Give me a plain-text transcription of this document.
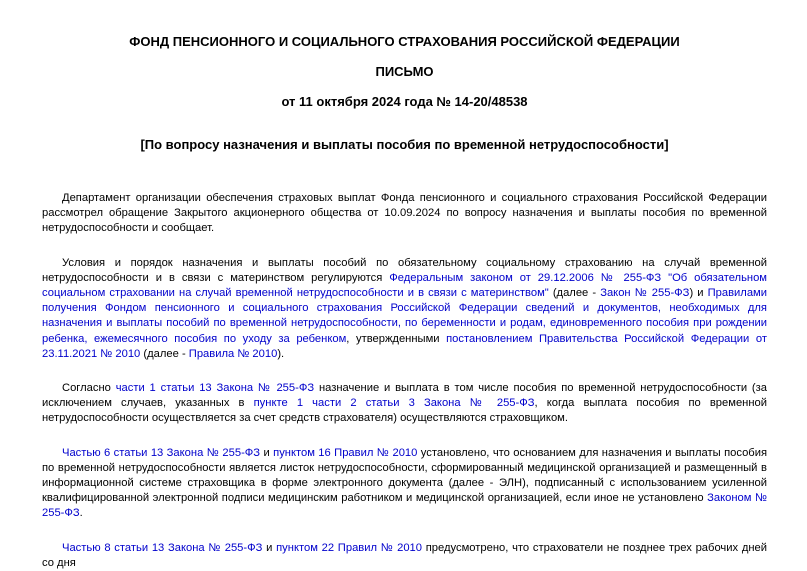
ФОНД ПЕНСИОННОГО И СОЦИАЛЬНОГО СТРАХОВАНИЯ РОССИЙСКОЙ ФЕДЕРАЦИИ

ПИСЬМО

от 11 октября 2024 года № 14-20/48538

[По вопросу назначения и выплаты пособия по временной нетрудоспособности]

Департамент организации обеспечения страховых выплат Фонда пенсионного и социального страхования Российской Федерации рассмотрел обращение Закрытого акционерного общества от 10.09.2024 по вопросу назначения и выплаты пособия по временной нетрудоспособности и сообщает.

Условия и порядок назначения и выплаты пособий по обязательному социальному страхованию на случай временной нетрудоспособности и в связи с материнством регулируются Федеральным законом от 29.12.2006 № 255-ФЗ "Об обязательном социальном страховании на случай временной нетрудоспособности и в связи с материнством" (далее - Закон № 255-ФЗ) и Правилами получения Фондом пенсионного и социального страхования Российской Федерации сведений и документов, необходимых для назначения и выплаты пособий по временной нетрудоспособности, по беременности и родам, единовременного пособия при рождении ребенка, ежемесячного пособия по уходу за ребенком, утвержденными постановлением Правительства Российской Федерации от 23.11.2021 № 2010 (далее - Правила № 2010).

Согласно части 1 статьи 13 Закона № 255-ФЗ назначение и выплата в том числе пособия по временной нетрудоспособности (за исключением случаев, указанных в пункте 1 части 2 статьи 3 Закона № 255-ФЗ, когда выплата пособия по временной нетрудоспособности осуществляется за счет средств страхователя) осуществляются страховщиком.

Частью 6 статьи 13 Закона № 255-ФЗ и пунктом 16 Правил № 2010 установлено, что основанием для назначения и выплаты пособия по временной нетрудоспособности является листок нетрудоспособности, сформированный медицинской организацией и размещенный в информационной системе страховщика в форме электронного документа (далее - ЭЛН), подписанный с использованием усиленной квалифицированной электронной подписи медицинским работником и медицинской организацией, если иное не установлено Законом № 255-ФЗ.

Частью 8 статьи 13 Закона № 255-ФЗ и пунктом 22 Правил № 2010 предусмотрено, что страхователи не позднее трех рабочих дней со дня
